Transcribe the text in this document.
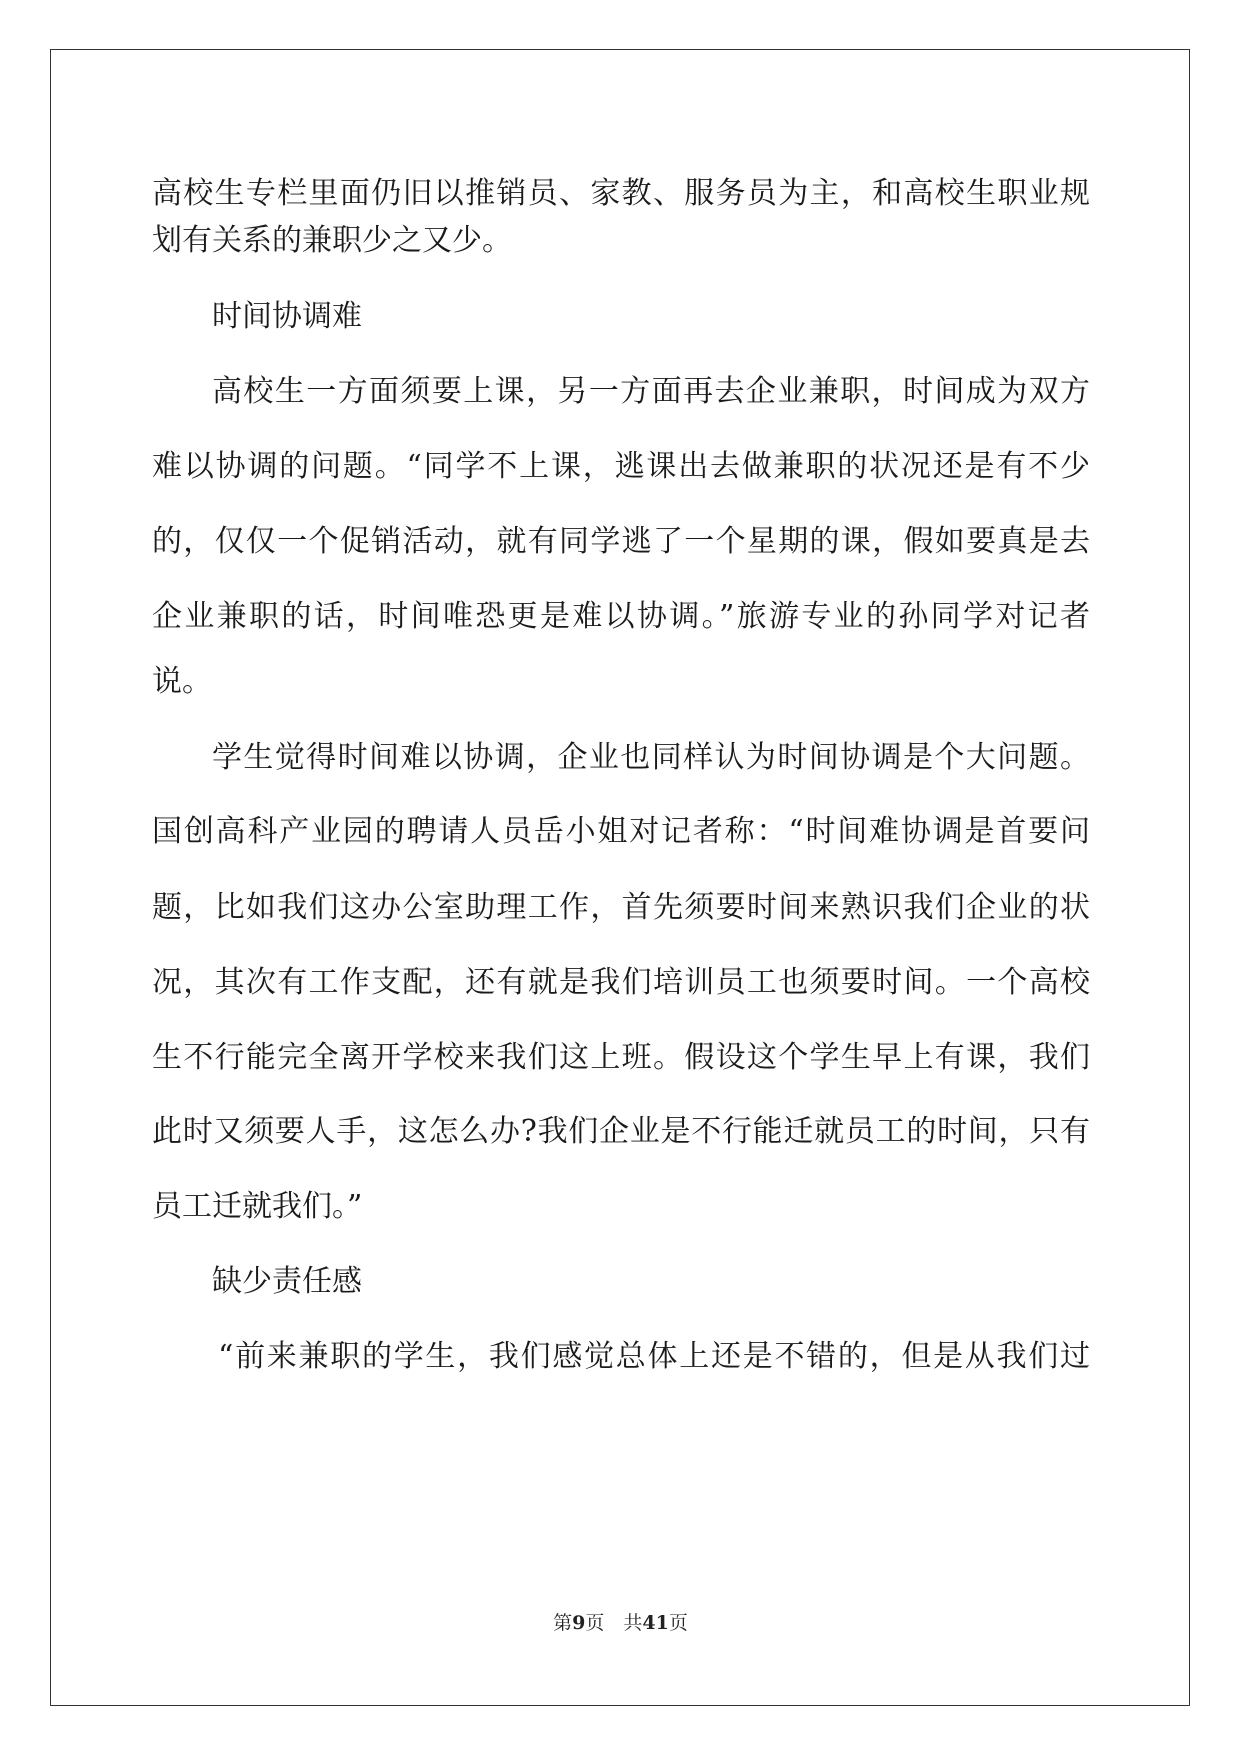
高校生专栏里面仍旧以推销员、家教、服务员为主，和高校生职业规
划有关系的兼职少之又少。
时间协调难
高校生一方面须要上课，另一方面再去企业兼职，时间成为双方
难以协调的问题。“同学不上课，逃课出去做兼职的状况还是有不少
的，仅仅一个促销活动，就有同学逃了一个星期的课，假如要真是去
企业兼职的话，时间唯恐更是难以协调。”旅游专业的孙同学对记者
说。
学生觉得时间难以协调，企业也同样认为时间协调是个大问题。
国创高科产业园的聘请人员岳小姐对记者称：“时间难协调是首要问
题，比如我们这办公室助理工作，首先须要时间来熟识我们企业的状
况，其次有工作支配，还有就是我们培训员工也须要时间。一个高校
生不行能完全离开学校来我们这上班。假设这个学生早上有课，我们
此时又须要人手，这怎么办?我们企业是不行能迁就员工的时间，只有
员工迁就我们。”
缺少责任感
“前来兼职的学生，我们感觉总体上还是不错的，但是从我们过
第9页　共41页
